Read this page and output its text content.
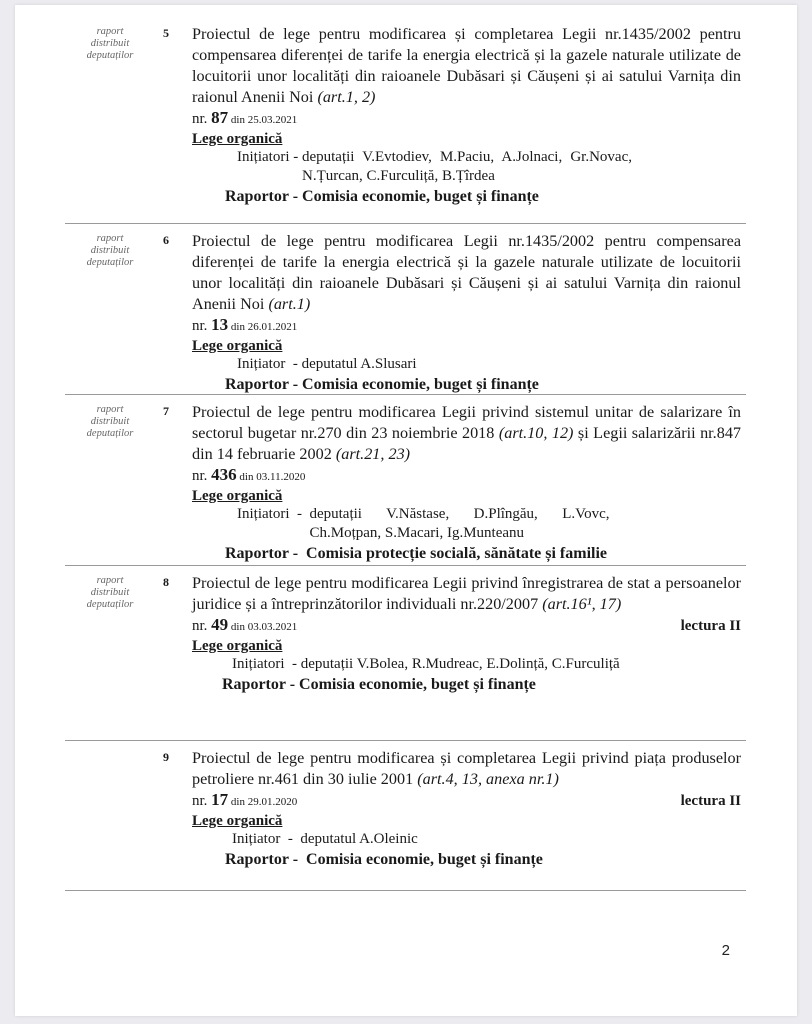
raport
distribuit
deputaților
5 Proiectul de lege pentru modificarea și completarea Legii nr.1435/2002 pentru compensarea diferenței de tarife la energia electrică și la gazele naturale utilizate de locuitorii unor localități din raioanele Dubăsari și Căușeni și ai satului Varnița din raionul Anenii Noi (art.1, 2)
nr. 87 din 25.03.2021
Lege organică
Inițiatori - deputații V.Evtodiev, M.Paciu, A.Jolnaci, Gr.Novac, N.Țurcan, C.Furculiță, B.Țîrdea
Raportor - Comisia economie, buget și finanțe
raport
distribuit
deputaților
6 Proiectul de lege pentru modificarea Legii nr.1435/2002 pentru compensarea diferenței de tarife la energia electrică și la gazele naturale utilizate de locuitorii unor localități din raioanele Dubăsari și Căușeni și ai satului Varnița din raionul Anenii Noi (art.1)
nr. 13 din 26.01.2021
Lege organică
Inițiator  - deputatul A.Slusari
Raportor - Comisia economie, buget și finanțe
raport
distribuit
deputaților
7 Proiectul de lege pentru modificarea Legii privind sistemul unitar de salarizare în sectorul bugetar nr.270 din 23 noiembrie 2018 (art.10, 12) și Legii salarizării nr.847 din 14 februarie 2002 (art.21, 23)
nr. 436 din 03.11.2020
Lege organică
Inițiatori  - deputații V.Năstase, D.Plîngău, L.Vovc, Ch.Moțpan, S.Macari, Ig.Munteanu
Raportor -  Comisia protecție socială, sănătate și familie
raport
distribuit
deputaților
8 Proiectul de lege pentru modificarea Legii privind înregistrarea de stat a persoanelor juridice și a întreprinzătorilor individuali nr.220/2007 (art.16¹, 17)
nr. 49 din 03.03.2021	lectura II
Lege organică
Inițiatori  - deputații V.Bolea, R.Mudreac, E.Dolință, C.Furculiță
Raportor - Comisia economie, buget și finanțe
9 Proiectul de lege pentru modificarea și completarea Legii privind piața produselor petroliere nr.461 din 30 iulie 2001 (art.4, 13, anexa nr.1)
nr. 17 din 29.01.2020	lectura II
Lege organică
Inițiator  - deputatul A.Oleinic
Raportor -  Comisia economie, buget și finanțe
2
